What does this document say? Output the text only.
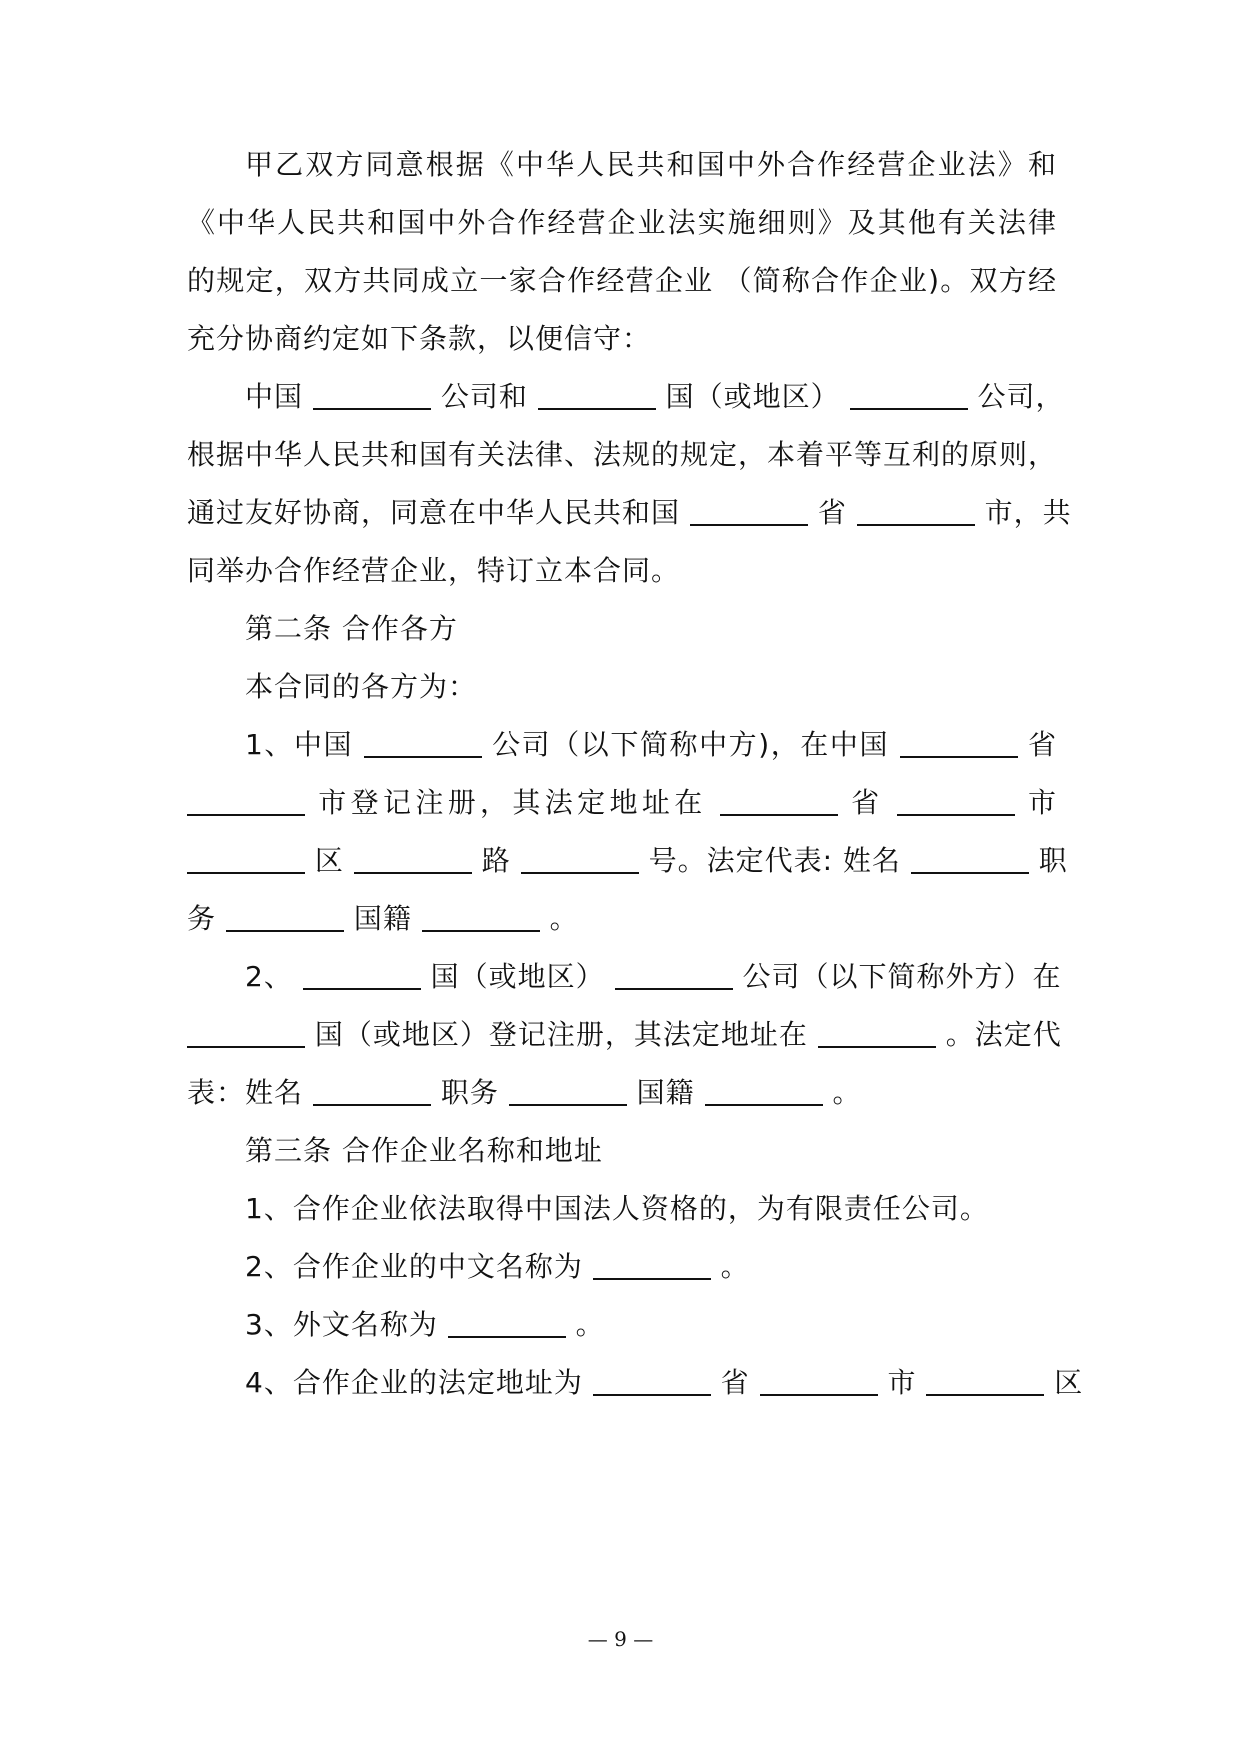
甲乙双方同意根据《中华人民共和国中外合作经营企业法》和
《中华人民共和国中外合作经营企业法实施细则》及其他有关法律
的规定，双方共同成立一家合作经营企业 （简称合作企业)。双方经
充分协商约定如下条款，以便信守：
中国	公司和	国（或地区）	公司，
根据中华人民共和国有关法律、法规的规定，本着平等互利的原则，
通过友好协商，同意在中华人民共和国	省	市，共
同举办合作经营企业，特订立本合同。
第二条 合作各方
本合同的各方为：
1、中国	公司（以下简称中方)，在中国	省
市登记注册，其法定地址在	省	市
区	路	号。法定代表: 姓名	职
务	国籍	。
2、	国（或地区）	公司（以下简称外方）在
国（或地区）登记注册，其法定地址在	。法定代
表：姓名	职务	国籍	。
第三条 合作企业名称和地址
1、合作企业依法取得中国法人资格的，为有限责任公司。
2、合作企业的中文名称为	。
3、外文名称为	。
4、合作企业的法定地址为	省	市	区
— 9 —
